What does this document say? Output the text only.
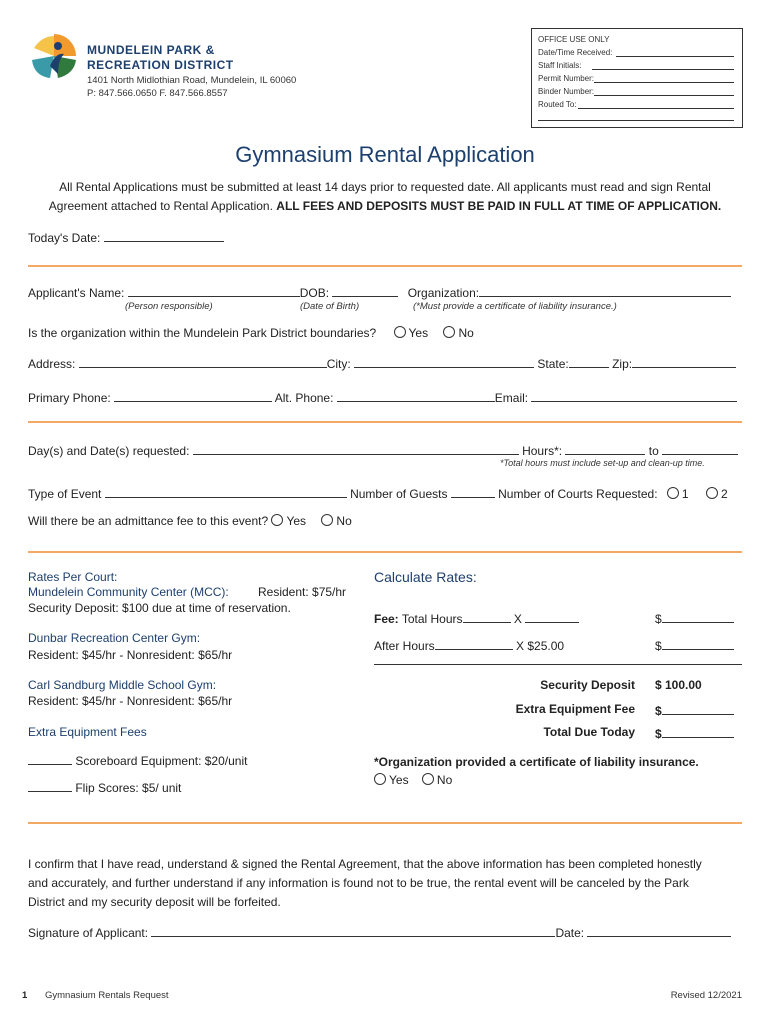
MUNDELEIN PARK &
RECREATION DISTRICT
1401 North Midlothian Road, Mundelein, IL 60060
P: 847.566.0650 F. 847.566.8557
OFFICE USE ONLY
Date/Time Received:
Staff Initials:
Permit Number:
Binder Number:
Routed To:
Gymnasium Rental Application
All Rental Applications must be submitted at least 14 days prior to requested date. All applicants must read and sign Rental
Agreement attached to Rental Application. ALL FEES AND DEPOSITS MUST BE PAID IN FULL AT TIME OF APPLICATION.
Today's Date:
Applicant's Name:	DOB:	Organization:
(Person responsible)	(Date of Birth)	(*Must provide a certificate of liability insurance.)
Is the organization within the Mundelein Park District boundaries?	Yes	No
Address:	City:	State:	Zip:
Primary Phone:	Alt. Phone:	Email:
Day(s) and Date(s) requested:	Hours*:	to
*Total hours must include set-up and clean-up time.
Type of Event	Number of Guests	Number of Courts Requested: 1	2
Will there be an admittance fee to this event? Yes	No
Rates Per Court:
Mundelein Community Center (MCC): Resident: $75/hr
Security Deposit: $100 due at time of reservation.
Dunbar Recreation Center Gym:
Resident: $45/hr - Nonresident: $65/hr
Carl Sandburg Middle School Gym:
Resident: $45/hr - Nonresident: $65/hr
Extra Equipment Fees
Scoreboard Equipment: $20/unit
Flip Scores: $5/ unit
Calculate Rates:
Fee: Total Hours	X	$
After Hours	X $25.00	$
Security Deposit $ 100.00
Extra Equipment Fee $
Total Due Today $
*Organization provided a certificate of liability insurance.
Yes No
I confirm that I have read, understand & signed the Rental Agreement, that the above information has been completed honestly
and accurately, and further understand if any information is found not to be true, the rental event will be canceled by the Park
District and my security deposit will be forfeited.
Signature of Applicant:	Date:
1 Gymnasium Rentals Request	Revised 12/2021
